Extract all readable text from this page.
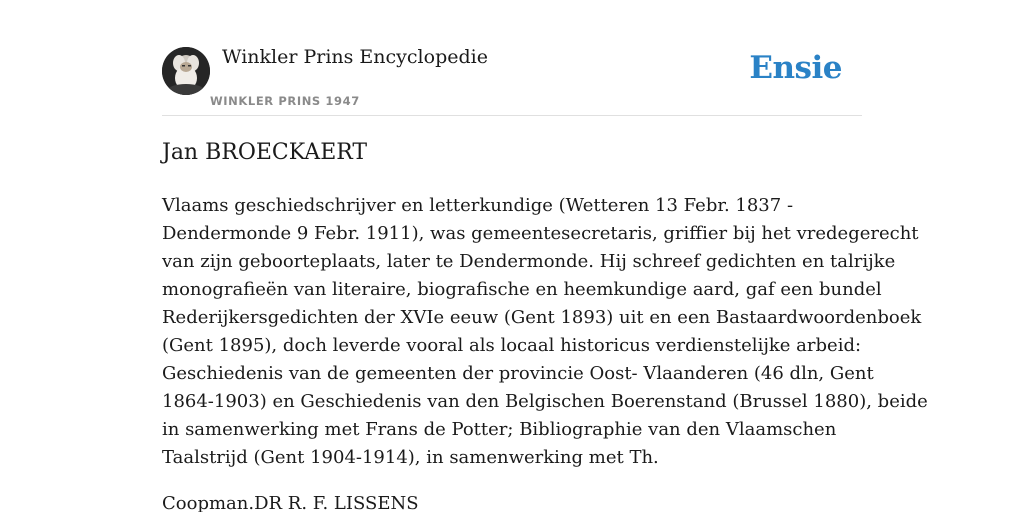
Winkler Prins Encyclopedie
WINKLER PRINS 1947
Ensie
Jan BROECKAERT

Vlaams geschiedschrijver en letterkundige (Wetteren 13 Febr. 1837 -
Dendermonde 9 Febr. 1911), was gemeentesecretaris, griffier bij het vredegerecht
van zijn geboorteplaats, later te Dendermonde. Hij schreef gedichten en talrijke
monografieën van literaire, biografische en heemkundige aard, gaf een bundel
Rederijkersgedichten der XVIe eeuw (Gent 1893) uit en een Bastaardwoordenboek
(Gent 1895), doch leverde vooral als locaal historicus verdienstelijke arbeid:
Geschiedenis van de gemeenten der provincie Oost- Vlaanderen (46 dln, Gent
1864-1903) en Geschiedenis van den Belgischen Boerenstand (Brussel 1880), beide
in samenwerking met Frans de Potter; Bibliographie van den Vlaamschen
Taalstrijd (Gent 1904-1914), in samenwerking met Th.

Coopman.DR R. F. LISSENS
